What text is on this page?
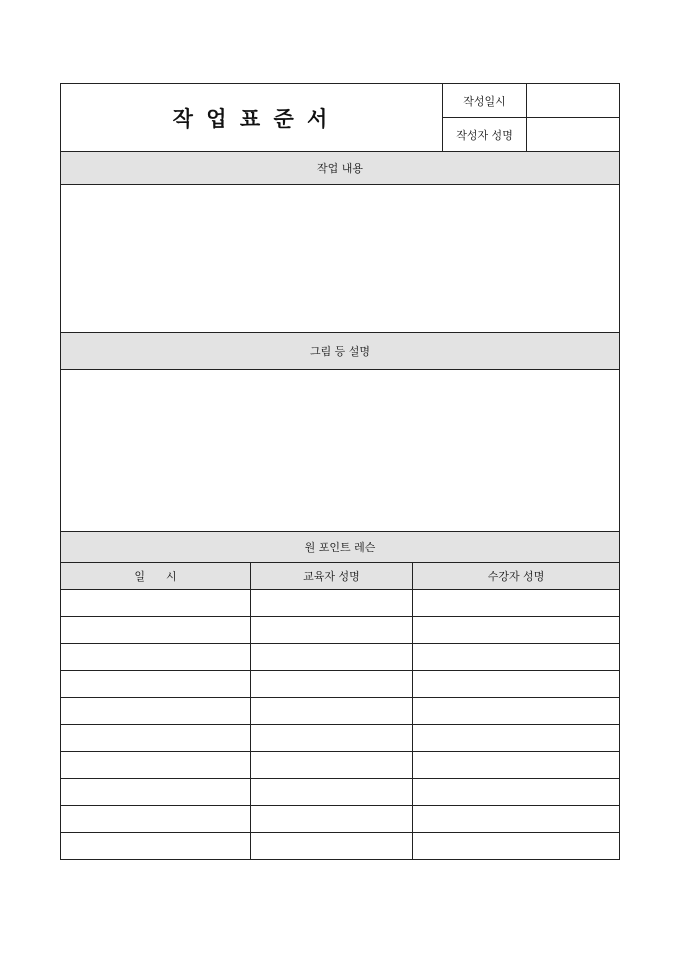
작 업 표 준 서			작성일시	
			작성자 성명	
작업 내용				

그림 등 설명				

원 포인트 레슨				
일      시	교육자 성명	수강자 성명		
